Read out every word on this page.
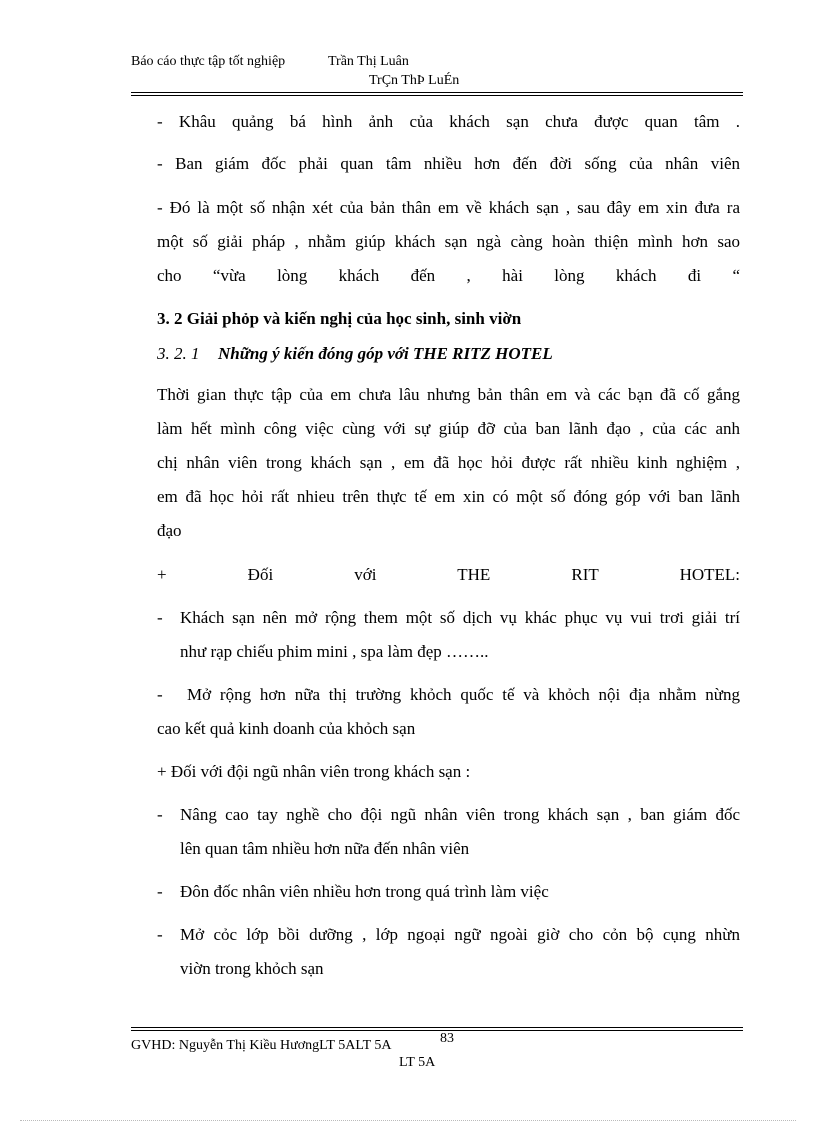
Báo cáo thực tập tốt nghiệp	Trần Thị Luân
TrÇn ThÞ LuÉn
- Khâu quảng bá hình ảnh của khách sạn chưa được quan tâm .
- Ban giám đốc phải quan tâm nhiều hơn đến đời sống của nhân viên
- Đó là một số nhận xét của bản thân em về khách sạn , sau đây em xin đưa ra
một số giải pháp , nhằm giúp khách sạn ngà càng hoàn thiện mình hơn sao
cho “vừa lòng khách đến , hài lòng khách đi “
3. 2 Giải phỏp và kiến nghị của học sinh, sinh viờn
3. 2. 1 Những ý kiến đóng góp với THE RITZ HOTEL
Thời gian thực tập của em chưa lâu nhưng bản thân em và các bạn đã cố gắng
làm hết mình công việc cùng với sự giúp đỡ của ban lãnh đạo , của các anh
chị nhân viên trong khách sạn , em đã học hỏi được rất nhiều kinh nghiệm ,
em đã học hỏi rất nhieu trên thực tế em xin có một số đóng góp với ban lãnh
đạo
+ Đối với THE RIT HOTEL:
- Khách sạn nên mở rộng them một số dịch vụ khác phục vụ vui trơi giải trí
như rạp chiếu phim mini , spa làm đẹp ……..
- Mở rộng hơn nữa thị trường khỏch quốc tế và khỏch nội địa nhằm nừng
cao kết quả kinh doanh của khỏch sạn
+ Đối với đội ngũ nhân viên trong khách sạn :
- Nâng cao tay nghề cho đội ngũ nhân viên trong khách sạn , ban giám đốc
lên quan tâm nhiều hơn nữa đến nhân viên
- Đôn đốc nhân viên nhiều hơn trong quá trình làm việc
- Mở cỏc lớp bồi dưỡng , lớp ngoại ngữ ngoài giờ cho cỏn bộ cụng nhừn
viờn trong khỏch sạn
GVHD: Nguyễn Thị Kiều HươngLT 5ALT 5A	83
LT 5A
